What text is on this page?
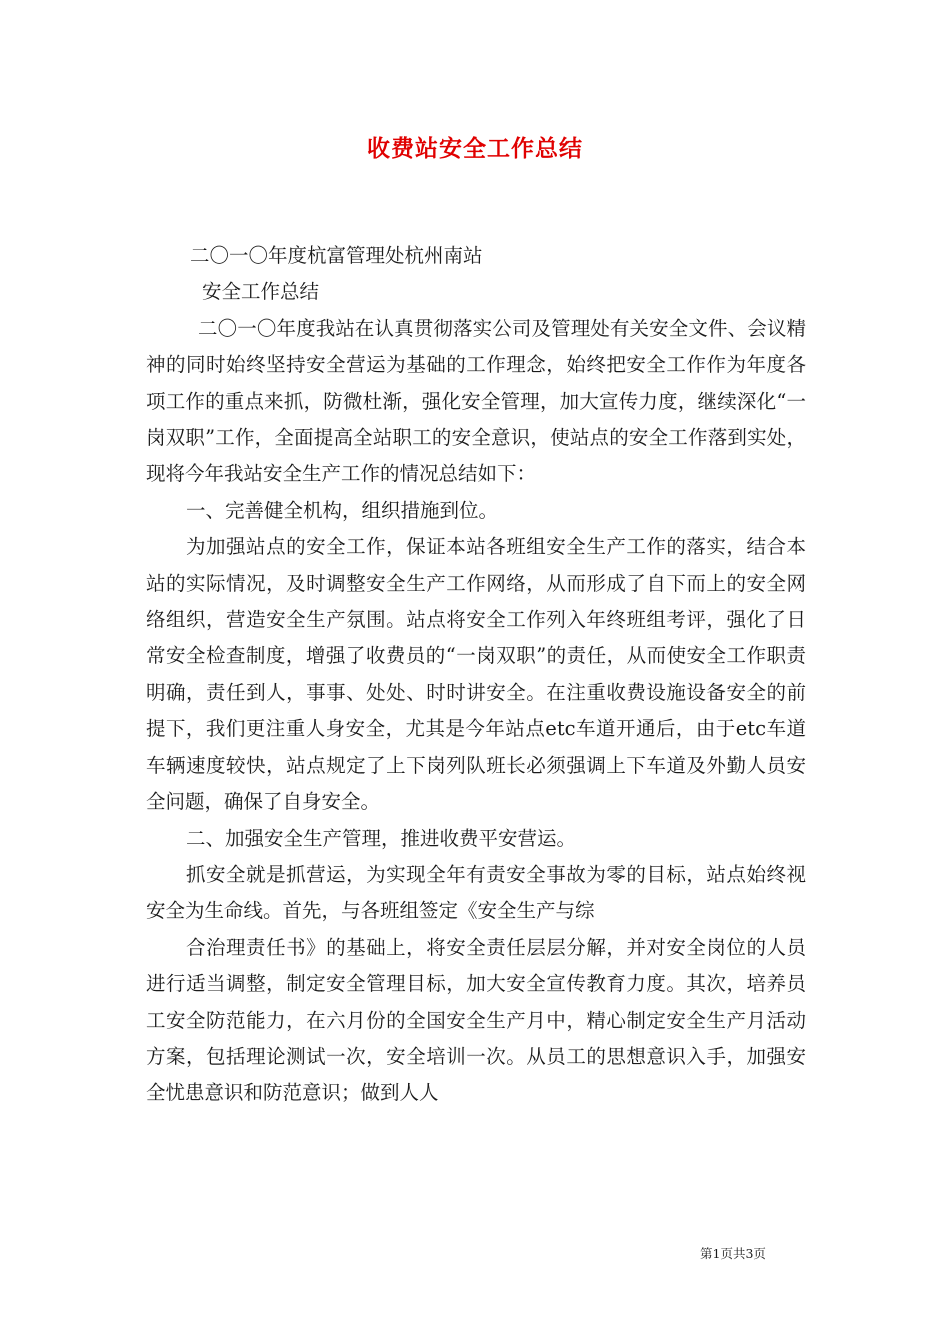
收费站安全工作总结

二〇一〇年度杭富管理处杭州南站

安全工作总结

二〇一〇年度我站在认真贯彻落实公司及管理处有关安全文件、会议精神的同时始终坚持安全营运为基础的工作理念，始终把安全工作作为年度各项工作的重点来抓，防微杜渐，强化安全管理，加大宣传力度，继续深化“一岗双职”工作，全面提高全站职工的安全意识，使站点的安全工作落到实处，现将今年我站安全生产工作的情况总结如下：

一、完善健全机构，组织措施到位。

为加强站点的安全工作，保证本站各班组安全生产工作的落实，结合本站的实际情况，及时调整安全生产工作网络，从而形成了自下而上的安全网络组织，营造安全生产氛围。站点将安全工作列入年终班组考评，强化了日常安全检查制度，增强了收费员的“一岗双职”的责任，从而使安全工作职责明确，责任到人，事事、处处、时时讲安全。在注重收费设施设备安全的前提下，我们更注重人身安全，尤其是今年站点etc车道开通后，由于etc车道车辆速度较快，站点规定了上下岗列队班长必须强调上下车道及外勤人员安全问题，确保了自身安全。

二、加强安全生产管理，推进收费平安营运。

抓安全就是抓营运，为实现全年有责安全事故为零的目标，站点始终视安全为生命线。首先，与各班组签定《安全生产与综

合治理责任书》的基础上，将安全责任层层分解，并对安全岗位的人员进行适当调整，制定安全管理目标，加大安全宣传教育力度。其次，培养员工安全防范能力，在六月份的全国安全生产月中，精心制定安全生产月活动方案，包括理论测试一次，安全培训一次。从员工的思想意识入手，加强安全忧患意识和防范意识；做到人人

第1页共3页
